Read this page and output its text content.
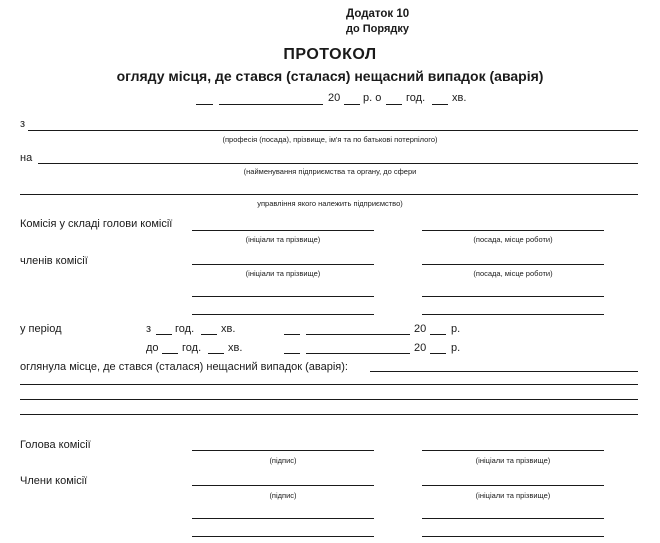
Додаток 10
до Порядку
ПРОТОКОЛ
огляду місця, де стався (сталася) нещасний випадок (аварія)
20 р. о год. хв.
з
(професія (посада), прізвище, ім'я та по батькові потерпілого)
на
(найменування підприємства та органу, до сфери
управління якого належить підприємство)
Комісія у складі голови комісії
(ініціали та прізвище)	(посада, місце роботи)
членів комісії
(ініціали та прізвище)	(посада, місце роботи)
у період	з год. хв.	20 р.
до год. хв.	20 р.
оглянула місце, де стався (сталася) нещасний випадок (аварія):
Голова комісії
(підпис)	(ініціали та прізвище)
Члени комісії
(підпис)	(ініціали та прізвище)
